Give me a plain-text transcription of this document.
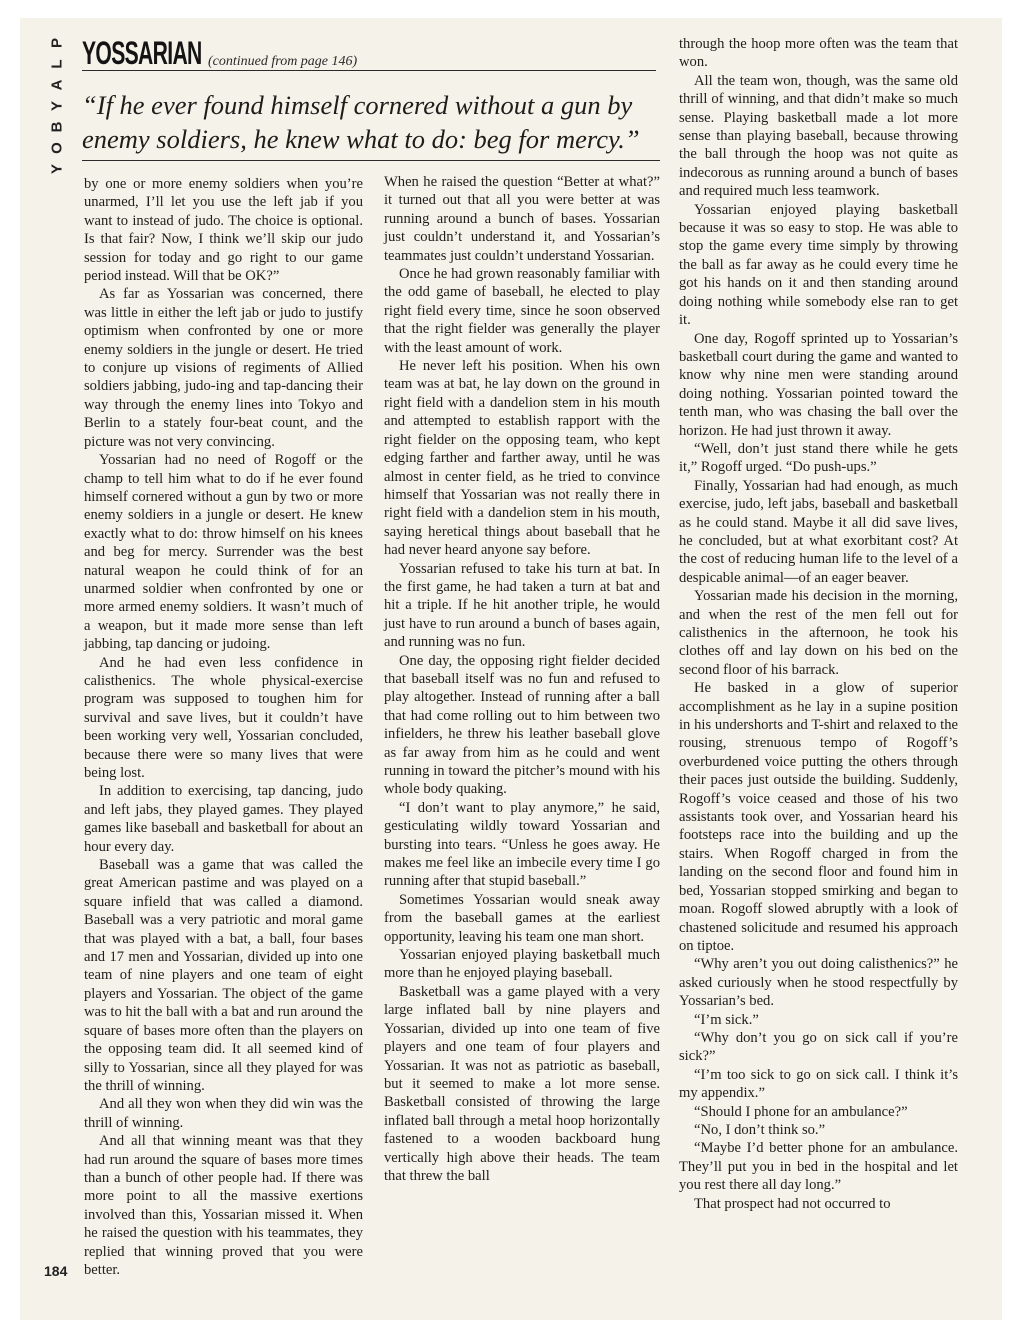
P
L
A
Y
B
O
Y
YOSSARIAN (continued from page 146)
“If he ever found himself cornered without a gun by enemy soldiers, he knew what to do: beg for mercy.”

by one or more enemy soldiers when you’re unarmed, I’ll let you use the left jab if you want to instead of judo. The choice is optional. Is that fair? Now, I think we’ll skip our judo session for today and go right to our game period instead. Will that be OK?”

As far as Yossarian was concerned, there was little in either the left jab or judo to justify optimism when confronted by one or more enemy soldiers in the jungle or desert. He tried to conjure up visions of regiments of Allied soldiers jabbing, judo-ing and tap-dancing their way through the enemy lines into Tokyo and Berlin to a stately four-beat count, and the picture was not very convincing.

Yossarian had no need of Rogoff or the champ to tell him what to do if he ever found himself cornered without a gun by two or more enemy soldiers in a jungle or desert. He knew exactly what to do: throw himself on his knees and beg for mercy. Surrender was the best natural weapon he could think of for an unarmed soldier when confronted by one or more armed enemy soldiers. It wasn’t much of a weapon, but it made more sense than left jabbing, tap dancing or judoing.

And he had even less confidence in calisthenics. The whole physical-exercise program was supposed to toughen him for survival and save lives, but it couldn’t have been working very well, Yossarian concluded, because there were so many lives that were being lost.

In addition to exercising, tap dancing, judo and left jabs, they played games. They played games like baseball and basketball for about an hour every day.

Baseball was a game that was called the great American pastime and was played on a square infield that was called a diamond. Baseball was a very patriotic and moral game that was played with a bat, a ball, four bases and 17 men and Yossarian, divided up into one team of nine players and one team of eight players and Yossarian. The object of the game was to hit the ball with a bat and run around the square of bases more often than the players on the opposing team did. It all seemed kind of silly to Yossarian, since all they played for was the thrill of winning.

And all they won when they did win was the thrill of winning.

And all that winning meant was that they had run around the square of bases more times than a bunch of other people had. If there was more point to all the massive exertions involved than this, Yossarian missed it. When he raised the question with his teammates, they replied that winning proved that you were better.

When he raised the question “Better at what?” it turned out that all you were better at was running around a bunch of bases. Yossarian just couldn’t understand it, and Yossarian’s teammates just couldn’t understand Yossarian.

Once he had grown reasonably familiar with the odd game of baseball, he elected to play right field every time, since he soon observed that the right fielder was generally the player with the least amount of work.

He never left his position. When his own team was at bat, he lay down on the ground in right field with a dandelion stem in his mouth and attempted to establish rapport with the right fielder on the opposing team, who kept edging farther and farther away, until he was almost in center field, as he tried to convince himself that Yossarian was not really there in right field with a dandelion stem in his mouth, saying heretical things about baseball that he had never heard anyone say before.

Yossarian refused to take his turn at bat. In the first game, he had taken a turn at bat and hit a triple. If he hit another triple, he would just have to run around a bunch of bases again, and running was no fun.

One day, the opposing right fielder decided that baseball itself was no fun and refused to play altogether. Instead of running after a ball that had come rolling out to him between two infielders, he threw his leather baseball glove as far away from him as he could and went running in toward the pitcher’s mound with his whole body quaking.

“I don’t want to play anymore,” he said, gesticulating wildly toward Yossarian and bursting into tears. “Unless he goes away. He makes me feel like an imbecile every time I go running after that stupid baseball.”

Sometimes Yossarian would sneak away from the baseball games at the earliest opportunity, leaving his team one man short.

Yossarian enjoyed playing basketball much more than he enjoyed playing baseball.

Basketball was a game played with a very large inflated ball by nine players and Yossarian, divided up into one team of five players and one team of four players and Yossarian. It was not as patriotic as baseball, but it seemed to make a lot more sense. Basketball consisted of throwing the large inflated ball through a metal hoop horizontally fastened to a wooden backboard hung vertically high above their heads. The team that threw the ball

through the hoop more often was the team that won.

All the team won, though, was the same old thrill of winning, and that didn’t make so much sense. Playing basketball made a lot more sense than playing baseball, because throwing the ball through the hoop was not quite as indecorous as running around a bunch of bases and required much less teamwork.

Yossarian enjoyed playing basketball because it was so easy to stop. He was able to stop the game every time simply by throwing the ball as far away as he could every time he got his hands on it and then standing around doing nothing while somebody else ran to get it.

One day, Rogoff sprinted up to Yossarian’s basketball court during the game and wanted to know why nine men were standing around doing nothing. Yossarian pointed toward the tenth man, who was chasing the ball over the horizon. He had just thrown it away.

“Well, don’t just stand there while he gets it,” Rogoff urged. “Do push-ups.”

Finally, Yossarian had had enough, as much exercise, judo, left jabs, baseball and basketball as he could stand. Maybe it all did save lives, he concluded, but at what exorbitant cost? At the cost of reducing human life to the level of a despicable animal—of an eager beaver.

Yossarian made his decision in the morning, and when the rest of the men fell out for calisthenics in the afternoon, he took his clothes off and lay down on his bed on the second floor of his barrack.

He basked in a glow of superior accomplishment as he lay in a supine position in his undershorts and T-shirt and relaxed to the rousing, strenuous tempo of Rogoff’s overburdened voice putting the others through their paces just outside the building. Suddenly, Rogoff’s voice ceased and those of his two assistants took over, and Yossarian heard his footsteps race into the building and up the stairs. When Rogoff charged in from the landing on the second floor and found him in bed, Yossarian stopped smirking and began to moan. Rogoff slowed abruptly with a look of chastened solicitude and resumed his approach on tiptoe.

“Why aren’t you out doing calisthenics?” he asked curiously when he stood respectfully by Yossarian’s bed.

“I’m sick.”

“Why don’t you go on sick call if you’re sick?”

“I’m too sick to go on sick call. I think it’s my appendix.”

“Should I phone for an ambulance?”

“No, I don’t think so.”

“Maybe I’d better phone for an ambulance. They’ll put you in bed in the hospital and let you rest there all day long.”

That prospect had not occurred to

184
